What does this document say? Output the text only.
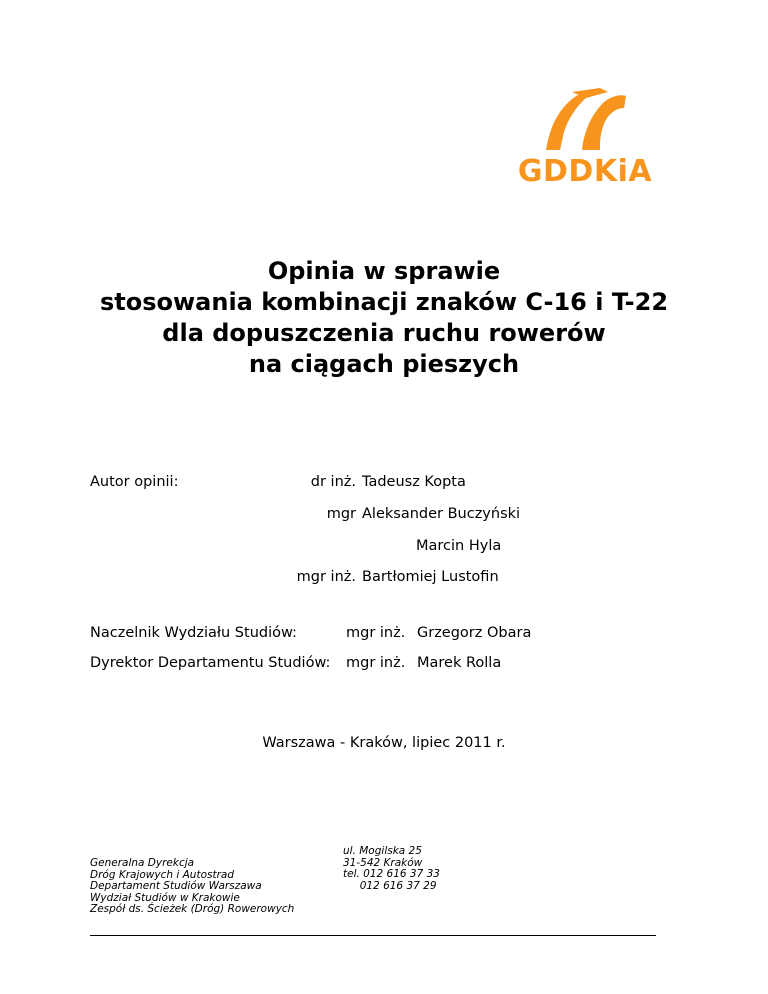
GDDKiA
Opinia w sprawie
stosowania kombinacji znaków C-16 i T-22
dla dopuszczenia ruchu rowerów
na ciągach pieszych
Autor opinii:	dr inż. Tadeusz Kopta
mgr Aleksander Buczyński
Marcin Hyla
mgr inż. Bartłomiej Lustofin
Naczelnik Wydziału Studiów:	mgr inż. Grzegorz Obara
Dyrektor Departamentu Studiów: mgr inż. Marek Rolla
Warszawa - Kraków, lipiec 2011 r.
Generalna Dyrekcja
Dróg Krajowych i Autostrad
Departament Studiów Warszawa
Wydział Studiów w Krakowie
Zespół ds. Ścieżek (Dróg) Rowerowych
ul. Mogilska 25
31-542 Kraków
tel. 012 616 37 33
012 616 37 29
